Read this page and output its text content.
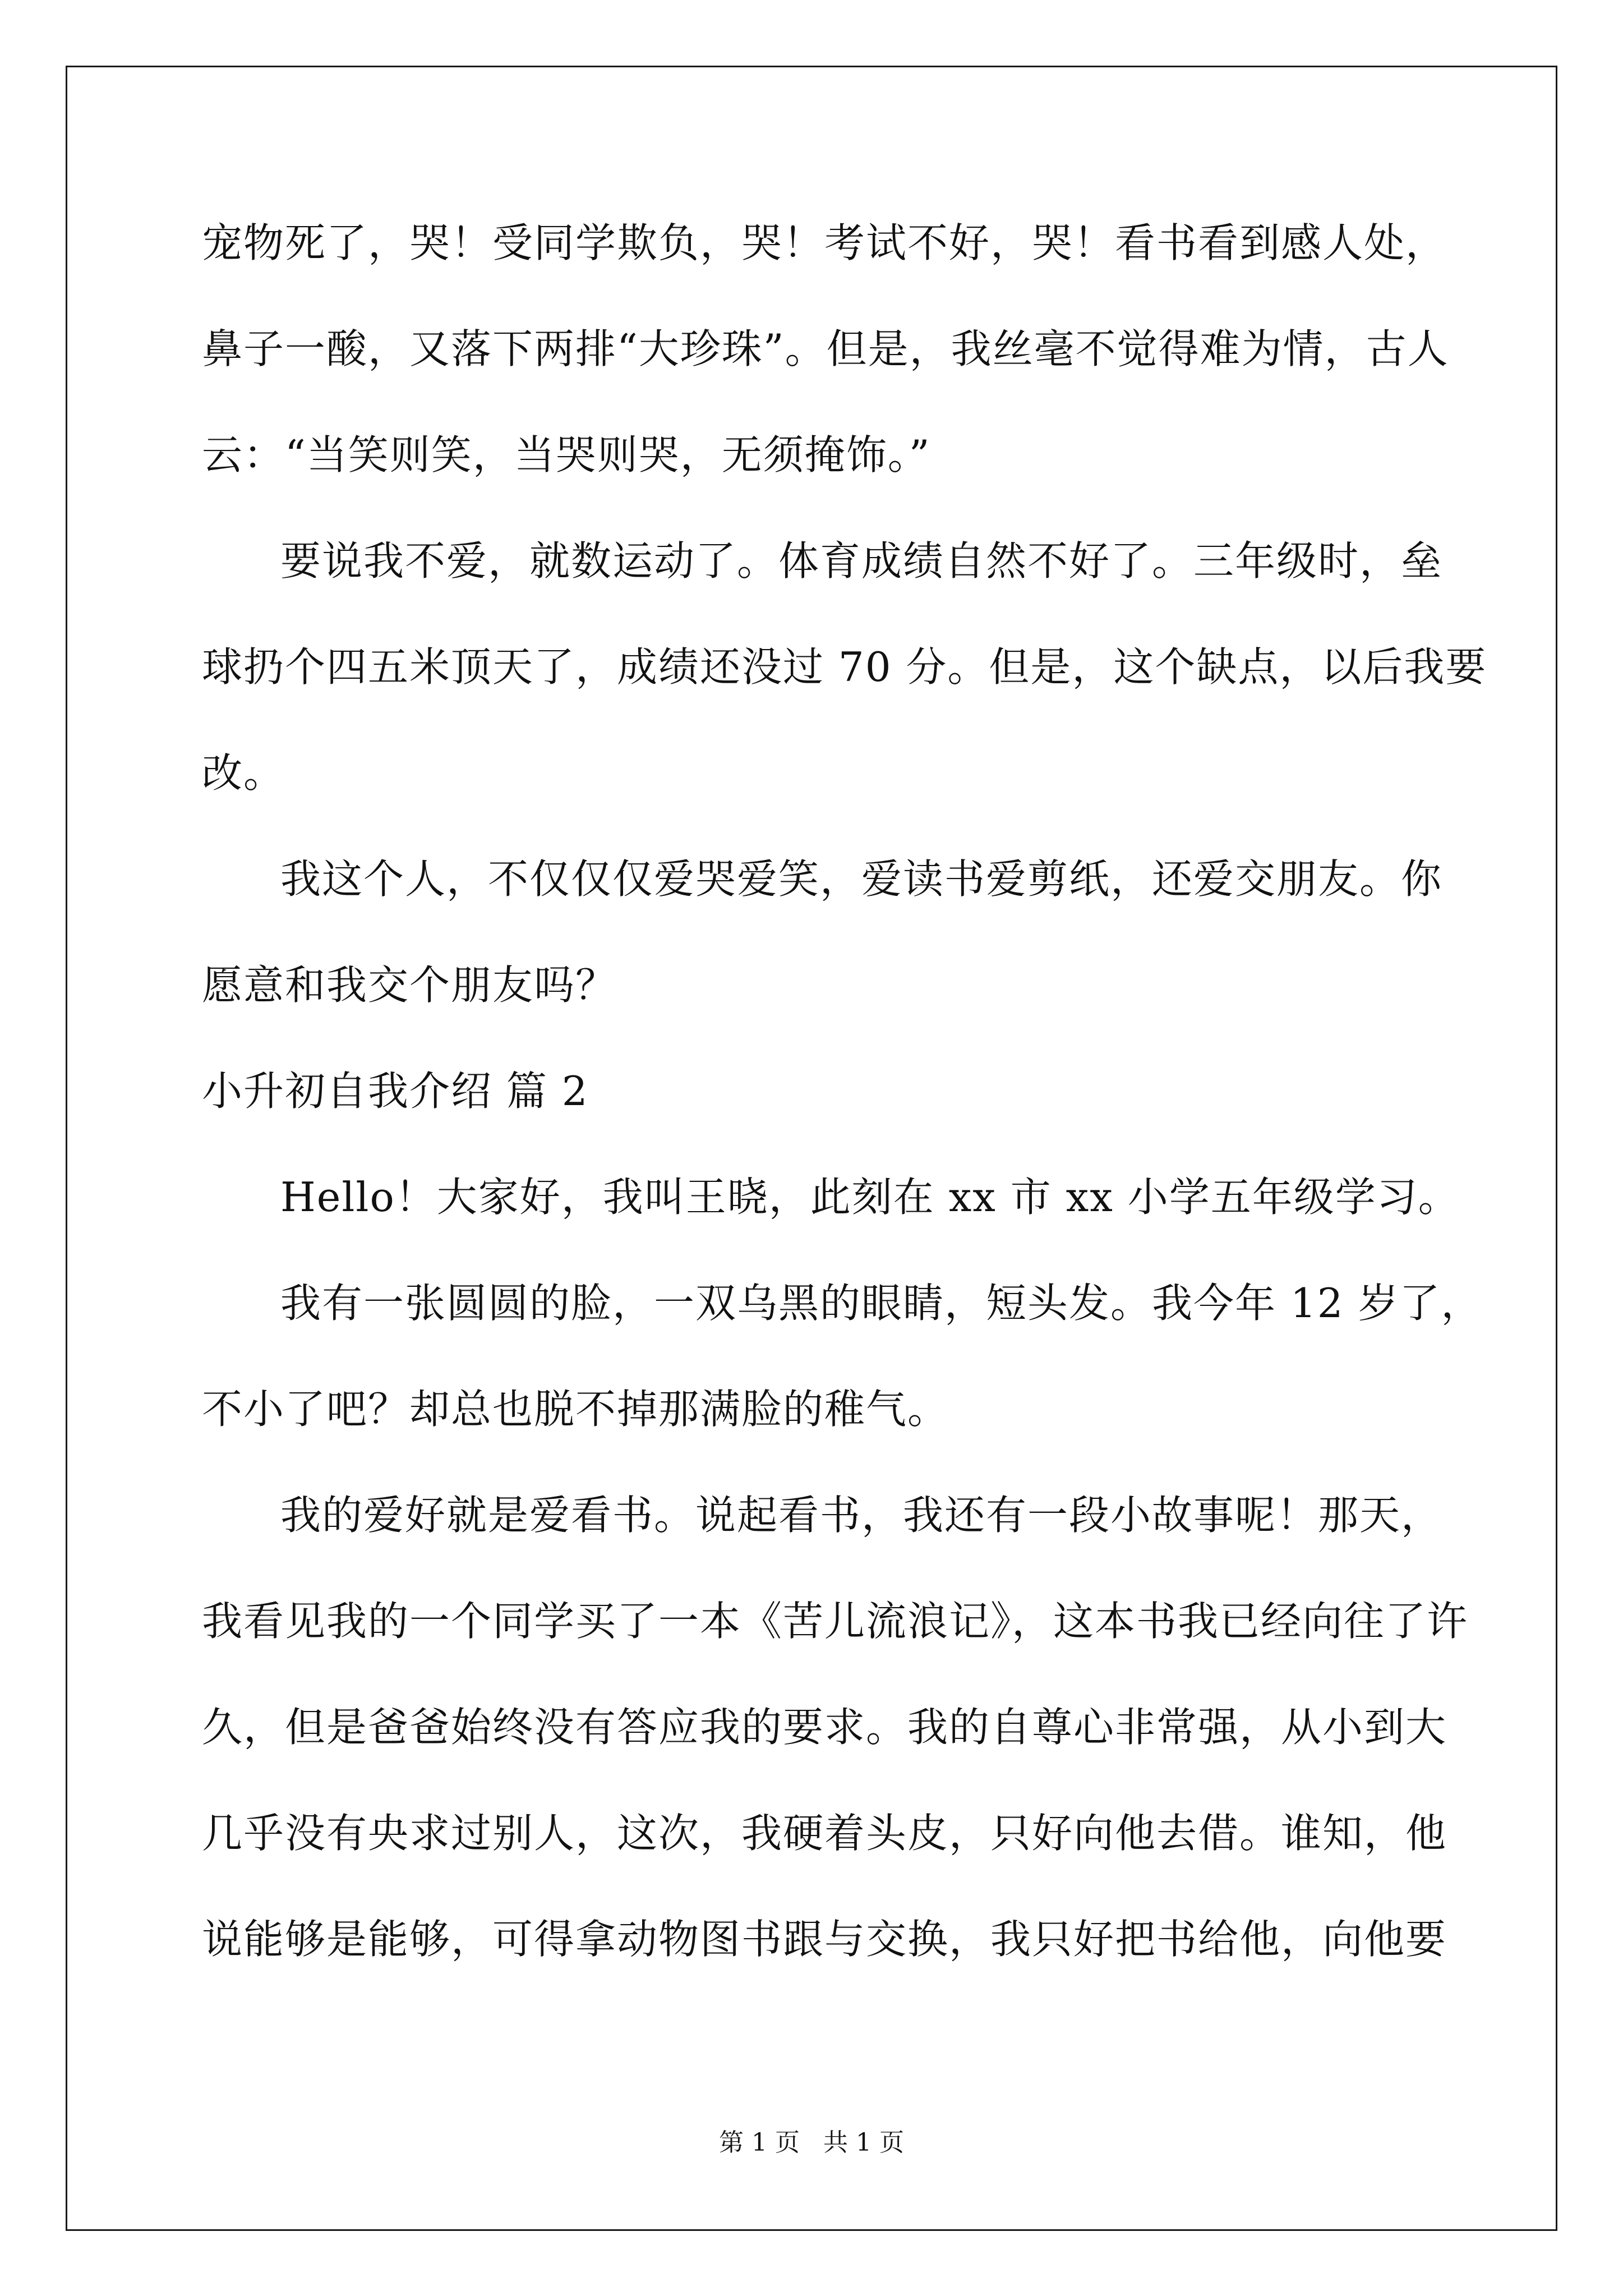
宠物死了，哭！受同学欺负，哭！考试不好，哭！看书看到感人处，

鼻子一酸，又落下两排“大珍珠”。但是，我丝毫不觉得难为情，古人

云：“当笑则笑，当哭则哭，无须掩饰。”

要说我不爱，就数运动了。体育成绩自然不好了。三年级时，垒

球扔个四五米顶天了，成绩还没过 70 分。但是，这个缺点，以后我要

改。

我这个人，不仅仅仅爱哭爱笑，爱读书爱剪纸，还爱交朋友。你

愿意和我交个朋友吗？

小升初自我介绍 篇 2

Hello！大家好，我叫王晓，此刻在 xx 市 xx 小学五年级学习。

我有一张圆圆的脸，一双乌黑的眼睛，短头发。我今年 12 岁了，

不小了吧？却总也脱不掉那满脸的稚气。

我的爱好就是爱看书。说起看书，我还有一段小故事呢！那天，

我看见我的一个同学买了一本《苦儿流浪记》，这本书我已经向往了许

久，但是爸爸始终没有答应我的要求。我的自尊心非常强，从小到大

几乎没有央求过别人，这次，我硬着头皮，只好向他去借。谁知，他

说能够是能够，可得拿动物图书跟与交换，我只好把书给他，向他要

第 1 页 共 1 页
